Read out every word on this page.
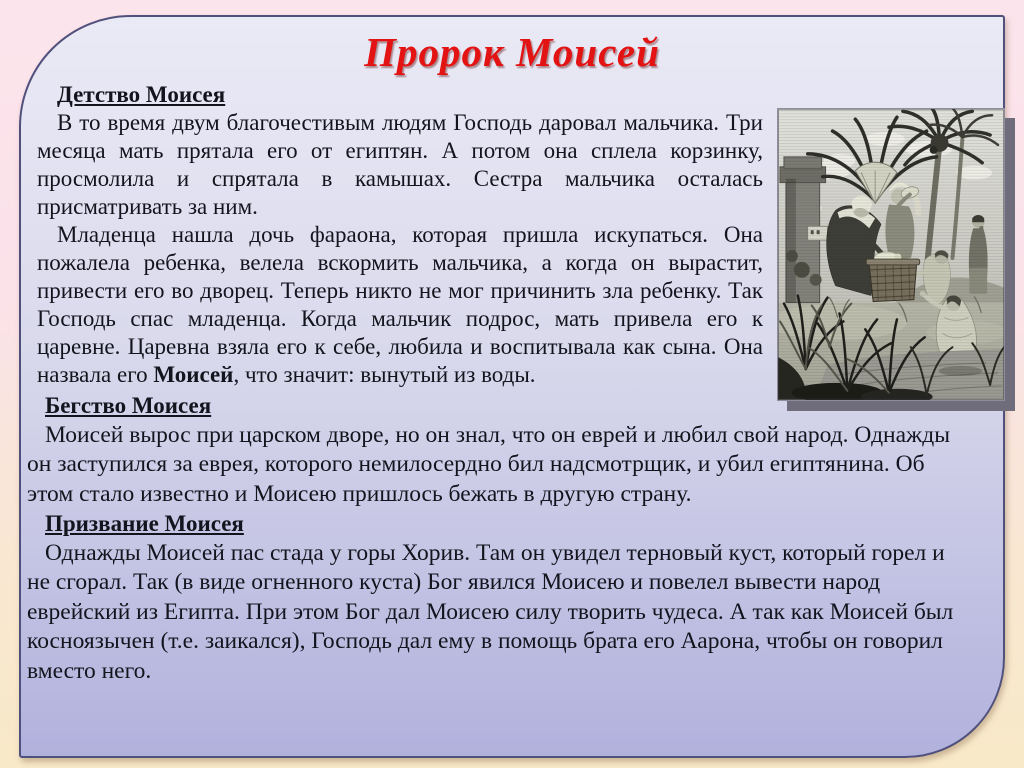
Пророк Моисей
Детство Моисея

В то время двум благочестивым людям Господь даровал мальчика. Три месяца мать прятала его от египтян. А потом она сплела корзинку, просмолила и спрятала в камышах. Сестра мальчика осталась присматривать за ним.

Младенца нашла дочь фараона, которая пришла искупаться. Она пожалела ребенка, велела вскормить мальчика, а когда он вырастит, привести его во дворец. Теперь никто не мог причинить зла ребенку. Так Господь спас младенца. Когда мальчик подрос, мать привела его к царевне. Царевна взяла его к себе, любила и воспитывала как сына. Она назвала его Моисей, что значит: вынутый из воды.

Бегство Моисея

Моисей вырос при царском дворе, но он знал, что он еврей и любил свой народ. Однажды он заступился за еврея, которого немилосердно бил надсмотрщик, и убил египтянина. Об этом стало известно и Моисею пришлось бежать в другую страну.

Призвание Моисея

Однажды Моисей пас стада у горы Хорив. Там он увидел терновый куст, который горел и не сгорал. Так (в виде огненного куста) Бог явился Моисею и повелел вывести народ еврейский из Египта. При этом Бог дал Моисею силу творить чудеса. А так как Моисей был косноязычен (т.е. заикался), Господь дал ему в помощь брата его Аарона, чтобы он говорил вместо него.
